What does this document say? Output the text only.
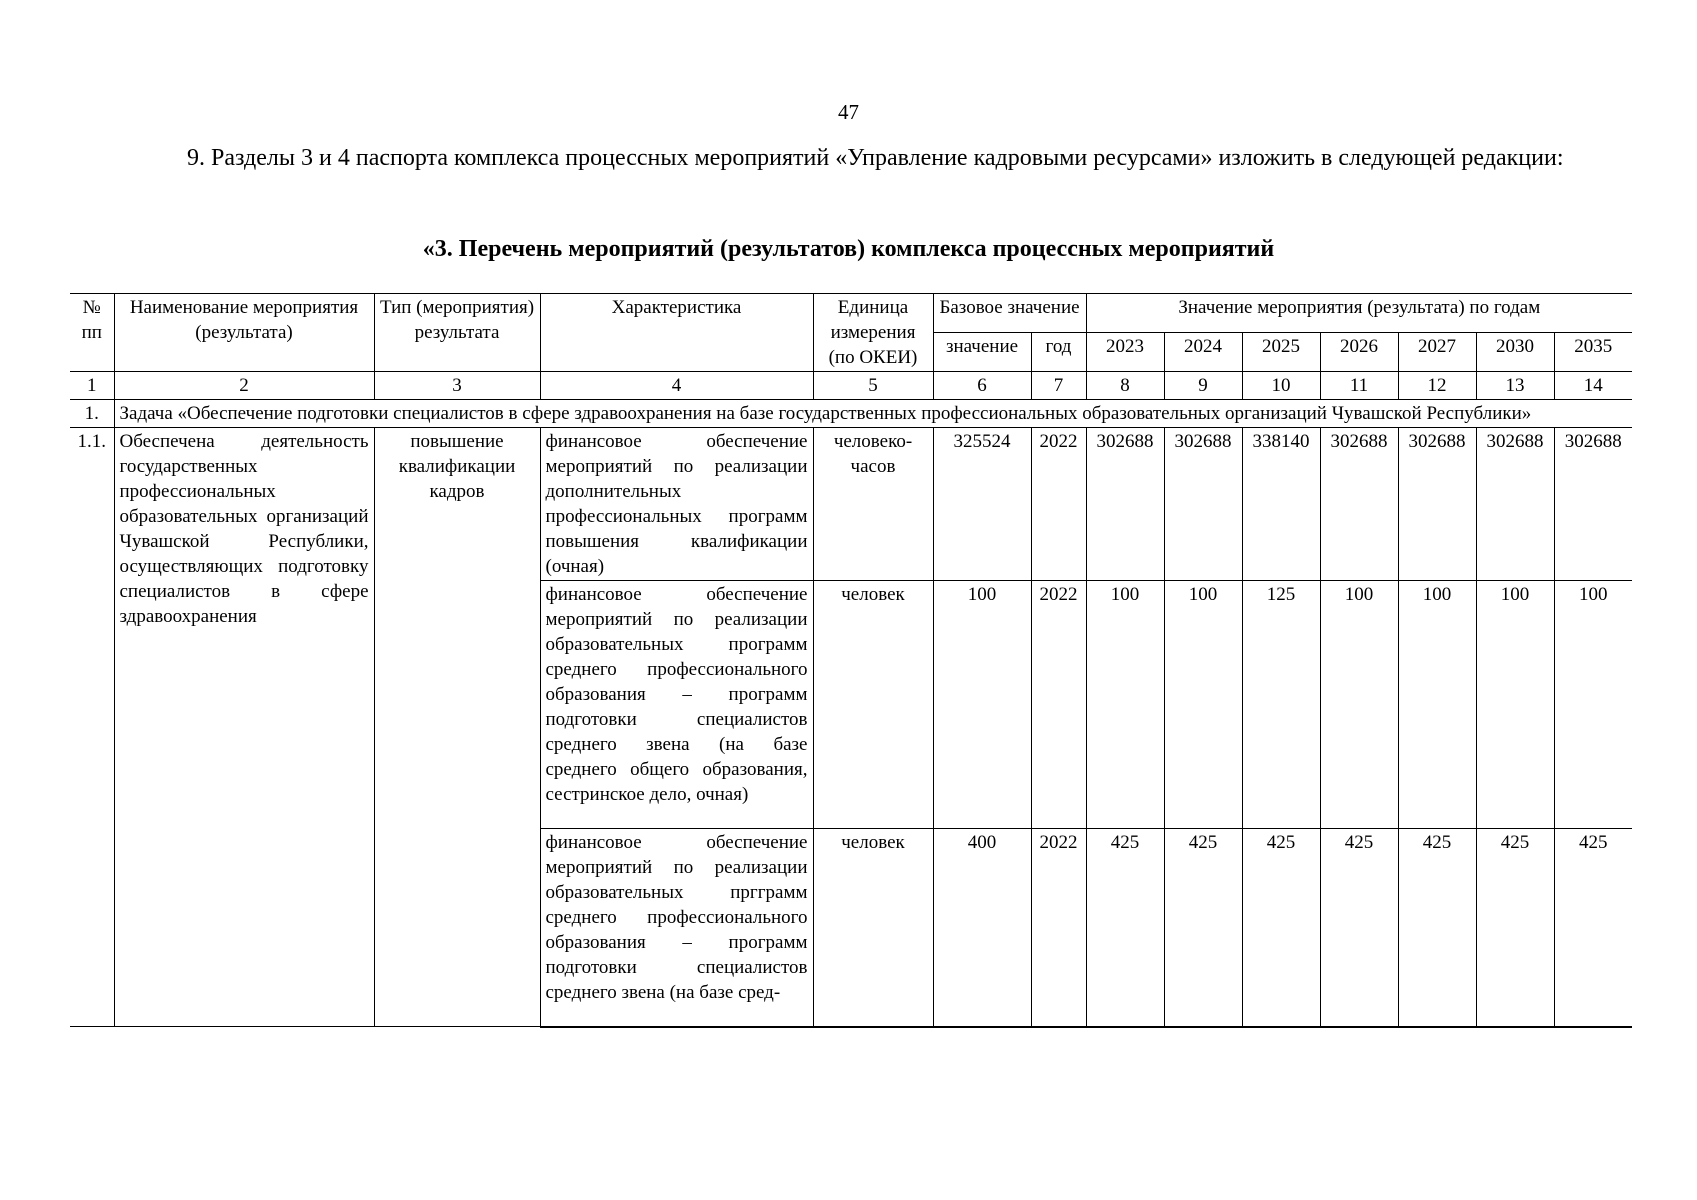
47
9. Разделы 3 и 4 паспорта комплекса процессных мероприятий «Управление кадровыми ресурсами» изложить в следующей редакции:
«3. Перечень мероприятий (результатов) комплекса процессных мероприятий
№ пп	Наименование мероприятия (результата)	Тип (мероприятия) результата	Характеристика	Единица измерения (по ОКЕИ)	Базовое значение		Значение мероприятия (результата) по годам						
					значение	год	2023	2024	2025	2026	2027	2030	2035
1	2	3	4	5	6	7	8	9	10	11	12	13	14
1.	Задача «Обеспечение подготовки специалистов в сфере здравоохранения на базе государственных профессиональных образовательных организаций Чувашской Республики»												
1.1.	Обеспечена деятельность государственных профессиональных образовательных организаций Чувашской Республики, осуществляющих подготовку специалистов в сфере здравоохранения	повышение квалификации кадров	финансовое обеспечение мероприятий по реализации дополнительных профессиональных программ повышения квалификации (очная)	человеко-часов	325524	2022	302688	302688	338140	302688	302688	302688	302688
			финансовое обеспечение мероприятий по реализации образовательных программ среднего профессионального образования – программ подготовки специалистов среднего звена (на базе среднего общего образования, сестринское дело, очная)	человек	100	2022	100	100	125	100	100	100	100
			финансовое обеспечение мероприятий по реализации образовательных пргграмм среднего профессионального образования – программ подготовки специалистов среднего звена (на базе сред-	человек	400	2022	425	425	425	425	425	425	425
